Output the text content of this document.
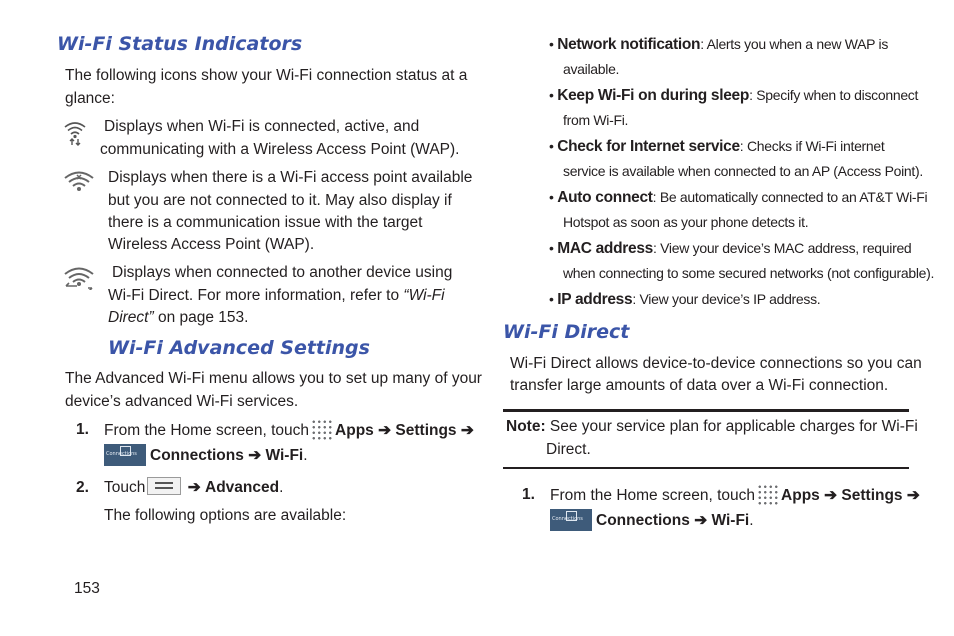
Wi-Fi Status Indicators
The following icons show your Wi-Fi connection status at a
glance:
Displays when Wi-Fi is connected, active, and
communicating with a Wireless Access Point (WAP).
Displays when there is a Wi-Fi access point available
but you are not connected to it. May also display if
there is a communication issue with the target
Wireless Access Point (WAP).
Displays when connected to another device using
Wi-Fi Direct. For more information, refer to “Wi-Fi
Direct” on page 153.
Wi-Fi Advanced Settings
The Advanced Wi-Fi menu allows you to set up many of your
device’s advanced Wi-Fi services.
1. From the Home screen, touch Apps ➔ Settings ➔
Connections Connections ➔ Wi-Fi.
2. Touch	➔ Advanced.
The following options are available:
153
• Network notification: Alerts you when a new WAP is
available.
• Keep Wi-Fi on during sleep: Specify when to disconnect
from Wi-Fi.
• Check for Internet service: Checks if Wi-Fi internet
service is available when connected to an AP (Access Point).
• Auto connect: Be automatically connected to an AT&T Wi-Fi
Hotspot as soon as your phone detects it.
• MAC address: View your device’s MAC address, required
when connecting to some secured networks (not configurable).
• IP address: View your device’s IP address.
Wi-Fi Direct
Wi-Fi Direct allows device-to-device connections so you can
transfer large amounts of data over a Wi-Fi connection.
Note: See your service plan for applicable charges for Wi-Fi
Direct.
1. From the Home screen, touch Apps ➔ Settings ➔
Connections Connections ➔ Wi-Fi.
